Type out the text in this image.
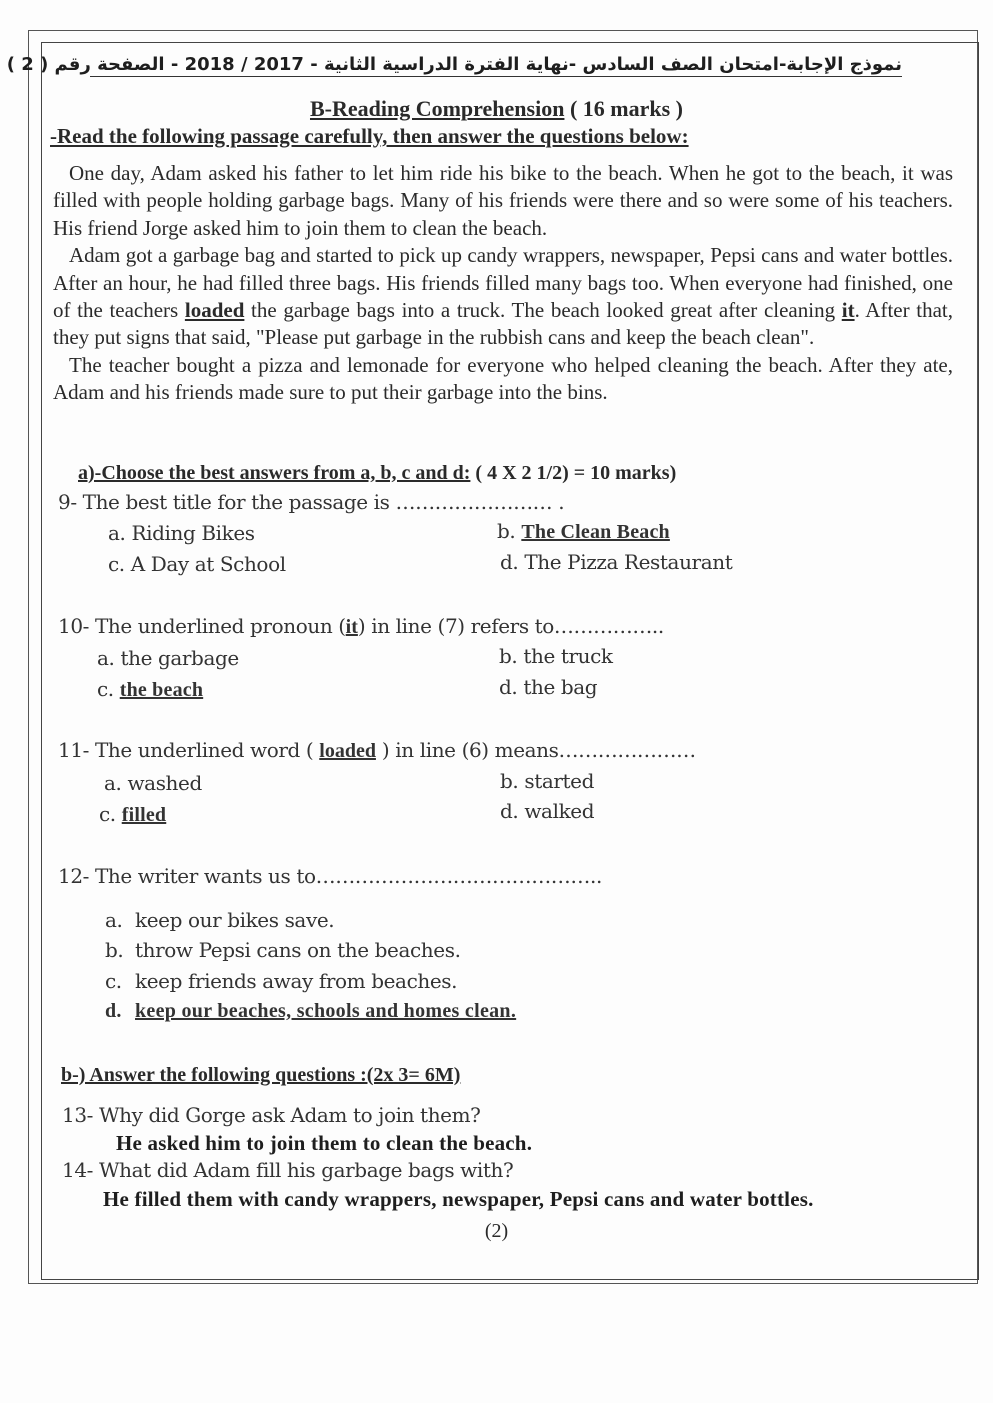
نموذج الإجابة-امتحان الصف السادس -نهاية الفترة الدراسية الثانية - 2017 / 2018 - الصفحة رقم ( 2 )
B-Reading Comprehension ( 16 marks )
-Read the following passage carefully, then answer the questions below:

One day, Adam asked his father to let him ride his bike to the beach. When he got to the beach, it was filled with people holding garbage bags. Many of his friends were there and so were some of his teachers. His friend Jorge asked him to join them to clean the beach.

Adam got a garbage bag and started to pick up candy wrappers, newspaper, Pepsi cans and water bottles. After an hour, he had filled three bags. His friends filled many bags too. When everyone had finished, one of the teachers loaded the garbage bags into a truck. The beach looked great after cleaning it. After that, they put signs that said, "Please put garbage in the rubbish cans and keep the beach clean".

The teacher bought a pizza and lemonade for everyone who helped cleaning the beach. After they ate, Adam and his friends made sure to put their garbage into the bins.

a)-Choose the best answers from a, b, c and d: ( 4 X 2 1/2) = 10 marks)
9- The best title for the passage is …………………… .
a. Riding Bikes	b. The Clean Beach
c. A Day at School	d. The Pizza Restaurant
10- The underlined pronoun (it) in line (7) refers to……………..
a. the garbage	b. the truck
c. the beach	d. the bag
11- The underlined word ( loaded ) in line (6) means…………………
a. washed	b. started
c. filled	d. walked
12- The writer wants us to……………………………………..
a. keep our bikes save.
b. throw Pepsi cans on the beaches.
c. keep friends away from beaches.
d. keep our beaches, schools and homes clean.
b-) Answer the following questions :(2x 3= 6M)
13- Why did Gorge ask Adam to join them?
He asked him to join them to clean the beach.
14- What did Adam fill his garbage bags with?
He filled them with candy wrappers, newspaper, Pepsi cans and water bottles.
(2)
